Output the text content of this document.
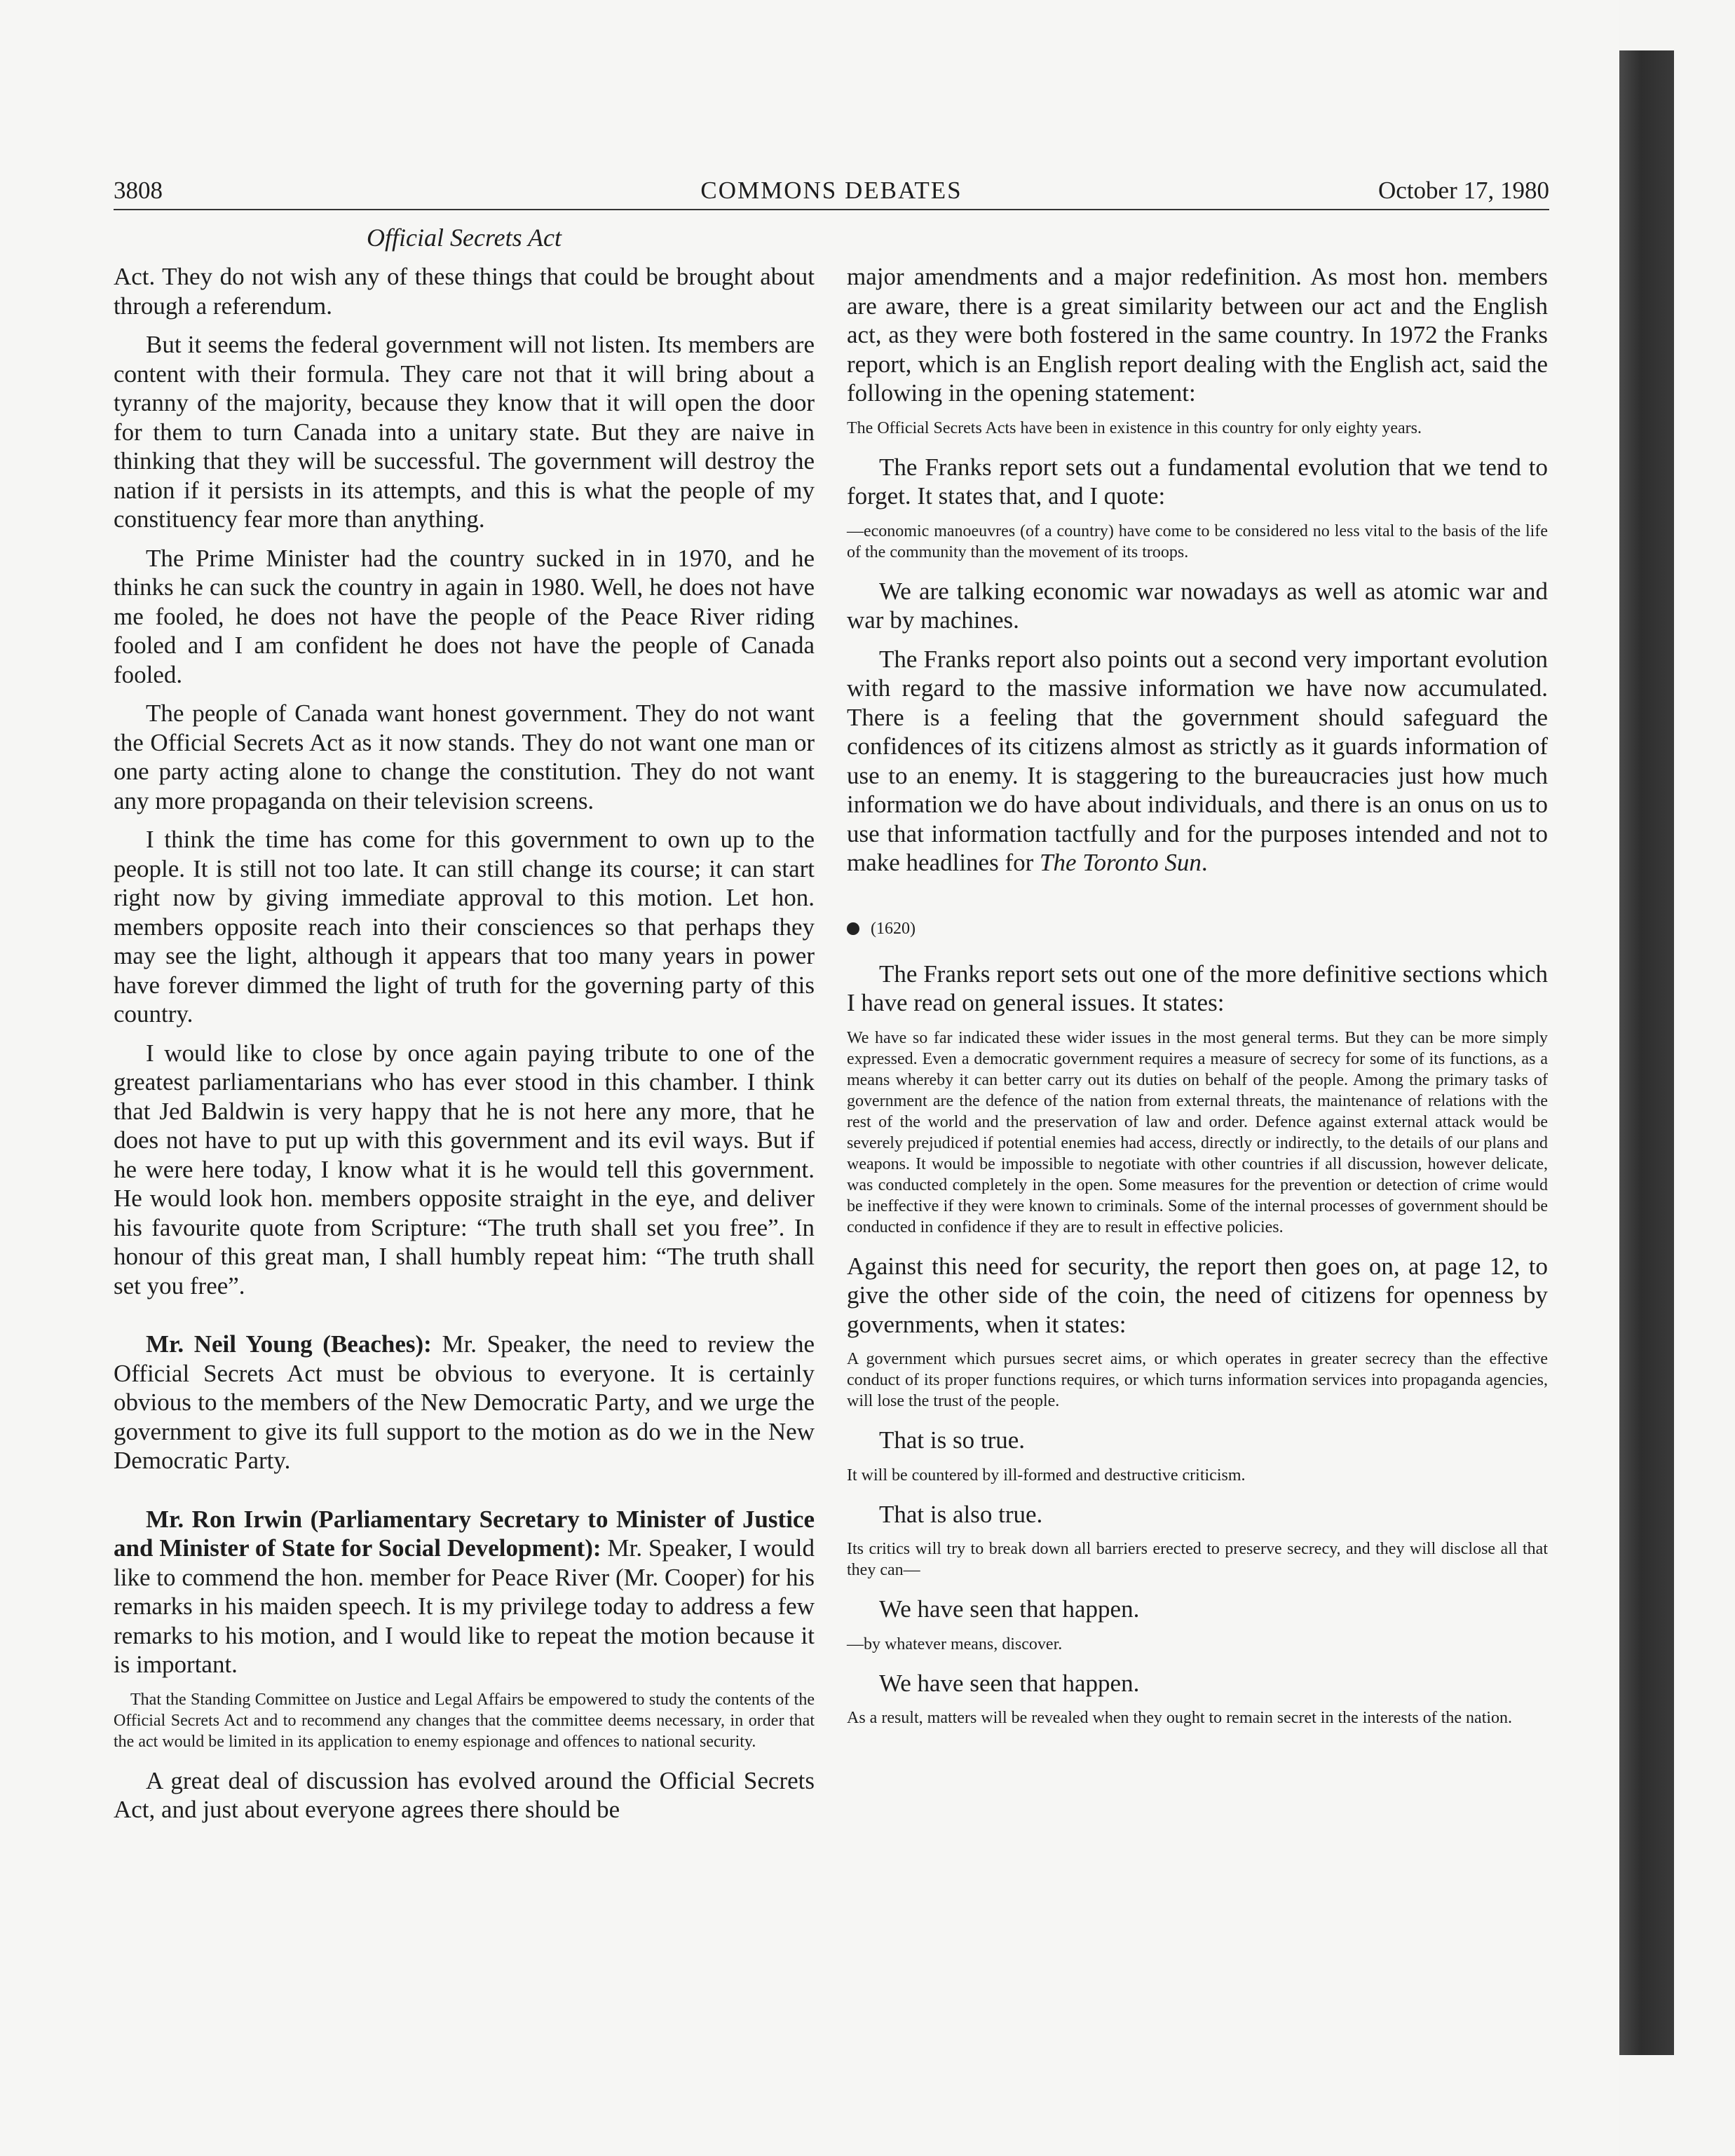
3808	COMMONS DEBATES	October 17, 1980
Official Secrets Act

Act. They do not wish any of these things that could be brought about through a referendum.

But it seems the federal government will not listen. Its members are content with their formula. They care not that it will bring about a tyranny of the majority, because they know that it will open the door for them to turn Canada into a unitary state. But they are naive in thinking that they will be successful. The government will destroy the nation if it persists in its attempts, and this is what the people of my constituency fear more than anything.

The Prime Minister had the country sucked in in 1970, and he thinks he can suck the country in again in 1980. Well, he does not have me fooled, he does not have the people of the Peace River riding fooled and I am confident he does not have the people of Canada fooled.

The people of Canada want honest government. They do not want the Official Secrets Act as it now stands. They do not want one man or one party acting alone to change the constitution. They do not want any more propaganda on their television screens.

I think the time has come for this government to own up to the people. It is still not too late. It can still change its course; it can start right now by giving immediate approval to this motion. Let hon. members opposite reach into their consciences so that perhaps they may see the light, although it appears that too many years in power have forever dimmed the light of truth for the governing party of this country.

I would like to close by once again paying tribute to one of the greatest parliamentarians who has ever stood in this chamber. I think that Jed Baldwin is very happy that he is not here any more, that he does not have to put up with this government and its evil ways. But if he were here today, I know what it is he would tell this government. He would look hon. members opposite straight in the eye, and deliver his favourite quote from Scripture: “The truth shall set you free”. In honour of this great man, I shall humbly repeat him: “The truth shall set you free”.

Mr. Neil Young (Beaches): Mr. Speaker, the need to review the Official Secrets Act must be obvious to everyone. It is certainly obvious to the members of the New Democratic Party, and we urge the government to give its full support to the motion as do we in the New Democratic Party.

Mr. Ron Irwin (Parliamentary Secretary to Minister of Justice and Minister of State for Social Development): Mr. Speaker, I would like to commend the hon. member for Peace River (Mr. Cooper) for his remarks in his maiden speech. It is my privilege today to address a few remarks to his motion, and I would like to repeat the motion because it is important.

That the Standing Committee on Justice and Legal Affairs be empowered to study the contents of the Official Secrets Act and to recommend any changes that the committee deems necessary, in order that the act would be limited in its application to enemy espionage and offences to national security.

A great deal of discussion has evolved around the Official Secrets Act, and just about everyone agrees there should be

major amendments and a major redefinition. As most hon. members are aware, there is a great similarity between our act and the English act, as they were both fostered in the same country. In 1972 the Franks report, which is an English report dealing with the English act, said the following in the opening statement:

The Official Secrets Acts have been in existence in this country for only eighty years.

The Franks report sets out a fundamental evolution that we tend to forget. It states that, and I quote:

—economic manoeuvres (of a country) have come to be considered no less vital to the basis of the life of the community than the movement of its troops.

We are talking economic war nowadays as well as atomic war and war by machines.

The Franks report also points out a second very important evolution with regard to the massive information we have now accumulated. There is a feeling that the government should safeguard the confidences of its citizens almost as strictly as it guards information of use to an enemy. It is staggering to the bureaucracies just how much information we do have about individuals, and there is an onus on us to use that information tactfully and for the purposes intended and not to make headlines for The Toronto Sun.

(1620)

The Franks report sets out one of the more definitive sections which I have read on general issues. It states:

We have so far indicated these wider issues in the most general terms. But they can be more simply expressed. Even a democratic government requires a measure of secrecy for some of its functions, as a means whereby it can better carry out its duties on behalf of the people. Among the primary tasks of government are the defence of the nation from external threats, the maintenance of relations with the rest of the world and the preservation of law and order. Defence against external attack would be severely prejudiced if potential enemies had access, directly or indirectly, to the details of our plans and weapons. It would be impossible to negotiate with other countries if all discussion, however delicate, was conducted completely in the open. Some measures for the prevention or detection of crime would be ineffective if they were known to criminals. Some of the internal processes of government should be conducted in confidence if they are to result in effective policies.

Against this need for security, the report then goes on, at page 12, to give the other side of the coin, the need of citizens for openness by governments, when it states:

A government which pursues secret aims, or which operates in greater secrecy than the effective conduct of its proper functions requires, or which turns information services into propaganda agencies, will lose the trust of the people.

That is so true.

It will be countered by ill-formed and destructive criticism.

That is also true.

Its critics will try to break down all barriers erected to preserve secrecy, and they will disclose all that they can—

We have seen that happen.

—by whatever means, discover.

We have seen that happen.

As a result, matters will be revealed when they ought to remain secret in the interests of the nation.
